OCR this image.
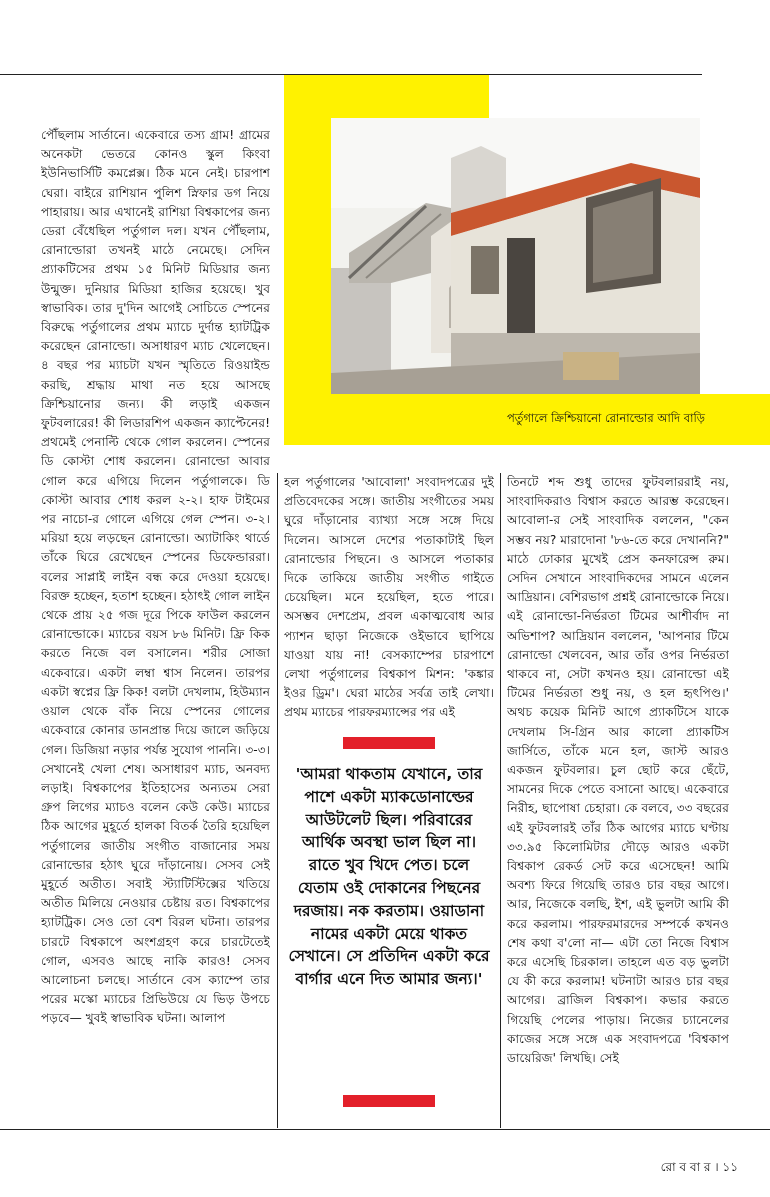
পর্তুগালে ক্রিশ্চিয়ানো রোনাল্ডোর আদি বাড়ি

পৌঁছলাম সার্তানে। একেবারে তস্য গ্রাম! গ্রামের অনেকটা ভেতরে কোনও স্কুল কিংবা ইউনিভার্সিটি কমপ্লেক্স। ঠিক মনে নেই। চারপাশ ঘেরা। বাইরে রাশিয়ান পুলিশ স্নিফার ডগ নিয়ে পাহারায়। আর এখানেই রাশিয়া বিশ্বকাপের জন্য ডেরা বেঁধেছিল পর্তুগাল দল। যখন পৌঁছলাম, রোনাল্ডোরা তখনই মাঠে নেমেছে। সেদিন প্র্যাকটিসের প্রথম ১৫ মিনিট মিডিয়ার জন্য উন্মুক্ত। দুনিয়ার মিডিয়া হাজির হয়েছে। খুব স্বাভাবিক। তার দু'দিন আগেই সোচিতে স্পেনের বিরুদ্ধে পর্তুগালের প্রথম ম্যাচে দুর্দান্ত হ্যাটট্রিক করেছেন রোনাল্ডো। অসাধারণ ম্যাচ খেলেছেন। ৪ বছর পর ম্যাচটা যখন স্মৃতিতে রিওয়াইন্ড করছি, শ্রদ্ধায় মাথা নত হয়ে আসছে ক্রিশ্চিয়ানোর জন্য। কী লড়াই একজন ফুটবলারের! কী লিডারশিপ একজন ক্যাপ্টেনের! প্রথমেই পেনাল্টি থেকে গোল করলেন। স্পেনের ডি কোস্টা শোধ করলেন। রোনাল্ডো আবার গোল করে এগিয়ে দিলেন পর্তুগালকে। ডি কোস্টা আবার শোধ করল ২-২। হাফ টাইমের পর নাচো-র গোলে এগিয়ে গেল স্পেন। ৩-২। মরিয়া হয়ে লড়ছেন রোনাল্ডো। অ্যাটাকিং থার্ডে তাঁকে ঘিরে রেখেছেন স্পেনের ডিফেন্ডাররা। বলের সাপ্লাই লাইন বন্ধ করে দেওয়া হয়েছে। বিরক্ত হচ্ছেন, হতাশ হচ্ছেন। হঠাৎই গোল লাইন থেকে প্রায় ২৫ গজ দূরে পিকে ফাউল করলেন রোনাল্ডোকে। ম্যাচের বয়স ৮৬ মিনিট। ফ্রি কিক করতে নিজে বল বসালেন। শরীর সোজা একেবারে। একটা লম্বা শ্বাস নিলেন। তারপর একটা স্বপ্নের ফ্রি কিক! বলটা দেখলাম, হিউম্যান ওয়াল থেকে বাঁক নিয়ে স্পেনের গোলের একেবারে কোনার ডানপ্রান্ত দিয়ে জালে জড়িয়ে গেল। ডিজিয়া নড়ার পর্যন্ত সুযোগ পাননি। ৩-৩। সেখানেই খেলা শেষ। অসাধারণ ম্যাচ, অনবদ্য লড়াই। বিশ্বকাপের ইতিহাসের অন্যতম সেরা গ্রুপ লিগের ম্যাচও বলেন কেউ কেউ। ম্যাচের ঠিক আগের মুহূর্তে হালকা বিতর্ক তৈরি হয়েছিল পর্তুগালের জাতীয় সংগীত বাজানোর সময় রোনাল্ডোর হঠাৎ ঘুরে দাঁড়ানোয়। সেসব সেই মুহূর্তে অতীত। সবাই স্ট্যাটিস্টিক্সের খতিয়ে অতীত মিলিয়ে নেওয়ার চেষ্টায় রত। বিশ্বকাপের হ্যাটট্রিক। সেও তো বেশ বিরল ঘটনা। তারপর চারটে বিশ্বকাপে অংশগ্রহণ করে চারটেতেই গোল, এসবও আছে নাকি কারও! সেসব আলোচনা চলছে। সার্তানে বেস ক্যাম্পে তার পরের মস্কো ম্যাচের প্রিভিউয়ে যে ভিড় উপচে পড়বে— খুবই স্বাভাবিক ঘটনা। আলাপ

হল পর্তুগালের 'আবোলা' সংবাদপত্রের দুই প্রতিবেদকের সঙ্গে। জাতীয় সংগীতের সময় ঘুরে দাঁড়ানোর ব্যাখ্যা সঙ্গে সঙ্গে দিয়ে দিলেন। আসলে দেশের পতাকাটাই ছিল রোনাল্ডোর পিছনে। ও আসলে পতাকার দিকে তাকিয়ে জাতীয় সংগীত গাইতে চেয়েছিল। মনে হয়েছিল, হতে পারে। অসম্ভব দেশপ্রেম, প্রবল একাত্মবোধ আর প্যাশন ছাড়া নিজেকে ওইভাবে ছাপিয়ে যাওয়া যায় না! বেসক্যাম্পের চারপাশে লেখা পর্তুগালের বিশ্বকাপ মিশন: 'কঙ্কার ইওর ড্রিম'। ঘেরা মাঠের সর্বত্র তাই লেখা। প্রথম ম্যাচের পারফরম্যান্সের পর এই

তিনটে শব্দ শুধু তাদের ফুটবলাররাই নয়, সাংবাদিকরাও বিশ্বাস করতে আরম্ভ করেছেন। আবোলা-র সেই সাংবাদিক বললেন, "কেন সম্ভব নয়? মারাদোনা '৮৬-তে করে দেখাননি?" মাঠে ঢোকার মুখেই প্রেস কনফারেন্স রুম। সেদিন সেখানে সাংবাদিকদের সামনে এলেন আদ্রিয়ান। বেশিরভাগ প্রশ্নই রোনাল্ডোকে নিয়ে। এই রোনাল্ডো-নির্ভরতা টিমের আশীর্বাদ না অভিশাপ? আদ্রিয়ান বললেন, 'আপনার টিমে রোনাল্ডো খেলবেন, আর তাঁর ওপর নির্ভরতা থাকবে না, সেটা কখনও হয়। রোনাল্ডো এই টিমের নির্ভরতা শুধু নয়, ও হল হৃৎপিণ্ড।' অথচ কয়েক মিনিট আগে প্র্যাকটিসে যাকে দেখলাম সি-গ্রিন আর কালো প্র্যাকটিস জার্সিতে, তাঁকে মনে হল, জাস্ট আরও একজন ফুটবলার। চুল ছোট করে ছেঁটে, সামনের দিকে পেতে বসানো আছে। একেবারে নিরীহ, ছাপোষা চেহারা। কে বলবে, ৩৩ বছরের এই ফুটবলারই তাঁর ঠিক আগের ম্যাচে ঘণ্টায় ৩৩.৯৫ কিলোমিটার দৌড়ে আরও একটা বিশ্বকাপ রেকর্ড সেট করে এসেছেন! আমি অবশ্য ফিরে গিয়েছি তারও চার বছর আগে। আর, নিজেকে বলছি, ইশ, এই ভুলটা আমি কী করে করলাম। পারফরমারদের সম্পর্কে কখনও শেষ কথা ব'লো না— এটা তো নিজে বিশ্বাস করে এসেছি চিরকাল। তাহলে এত বড় ভুলটা যে কী করে করলাম! ঘটনাটা আরও চার বছর আগের। ব্রাজিল বিশ্বকাপ। কভার করতে গিয়েছি পেলের পাড়ায়। নিজের চ্যানেলের কাজের সঙ্গে সঙ্গে এক সংবাদপত্রে 'বিশ্বকাপ ডায়েরিজ' লিখছি। সেই

'আমরা থাকতাম যেখানে, তার পাশে একটা ম্যাকডোনাল্ডের আউটলেট ছিল। পরিবারের আর্থিক অবস্থা ভাল ছিল না। রাতে খুব খিদে পেত। চলে যেতাম ওই দোকানের পিছনের দরজায়। নক করতাম। ওয়াডানা নামের একটা মেয়ে থাকত সেখানে। সে প্রতিদিন একটা করে বার্গার এনে দিত আমার জন্য।'
রো ব বা র । ১১
